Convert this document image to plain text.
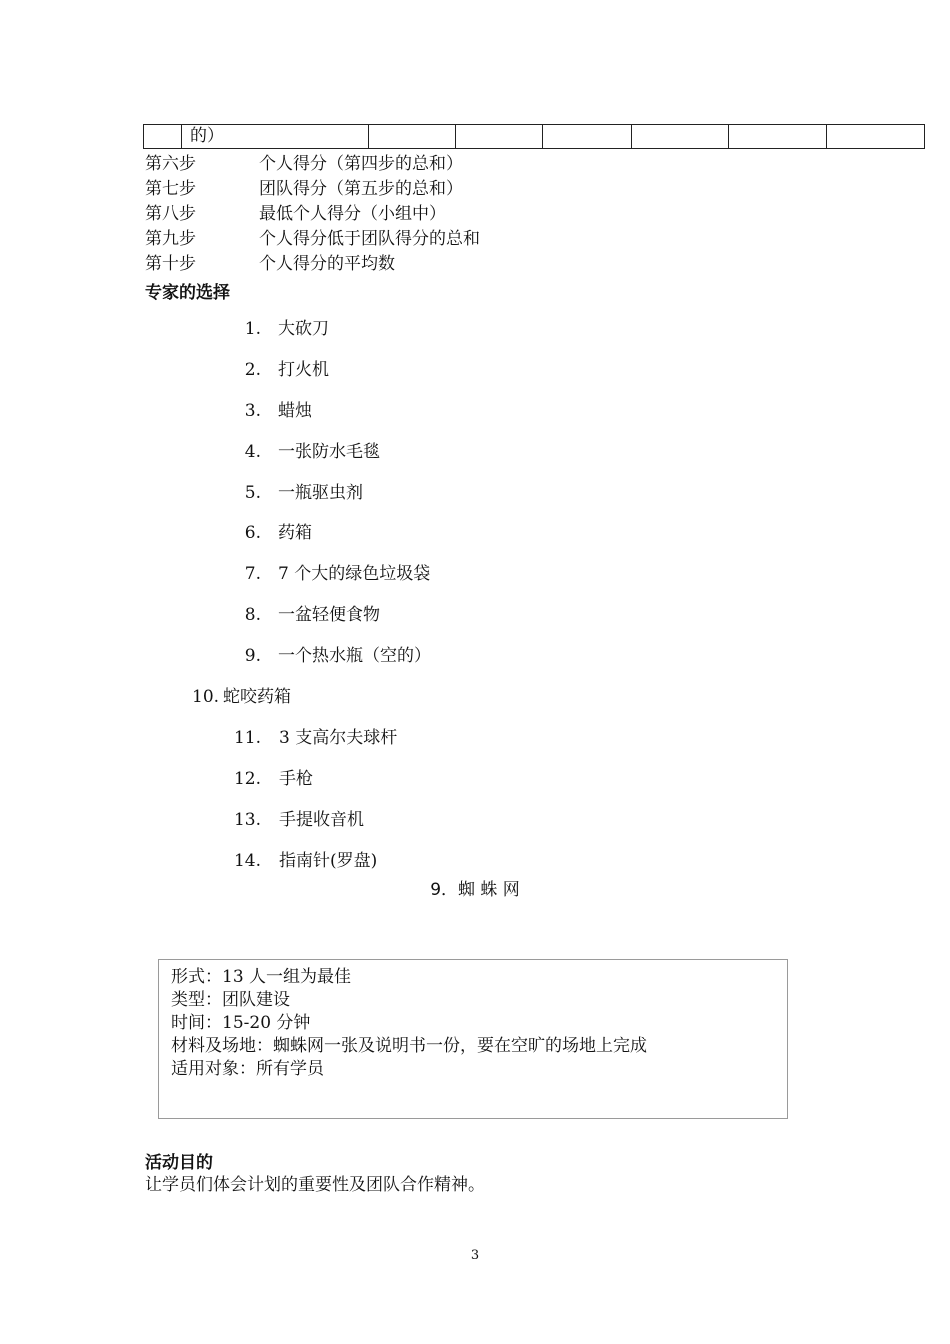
	的）						
第六步	个人得分（第四步的总和）
第七步	团队得分（第五步的总和）
第八步	最低个人得分（小组中）
第九步	个人得分低于团队得分的总和
第十步	个人得分的平均数
专家的选择
1. 大砍刀
2. 打火机
3. 蜡烛
4. 一张防水毛毯
5. 一瓶驱虫剂
6. 药箱
7. 7 个大的绿色垃圾袋
8. 一盆轻便食物
9. 一个热水瓶（空的）
10. 蛇咬药箱
11. 3 支高尔夫球杆
12. 手枪
13. 手提收音机
14. 指南针(罗盘)
9．蜘 蛛 网
形式：13 人一组为最佳
类型：团队建设
时间：15-20 分钟
材料及场地：蜘蛛网一张及说明书一份，要在空旷的场地上完成
适用对象：所有学员
活动目的
让学员们体会计划的重要性及团队合作精神。
3
